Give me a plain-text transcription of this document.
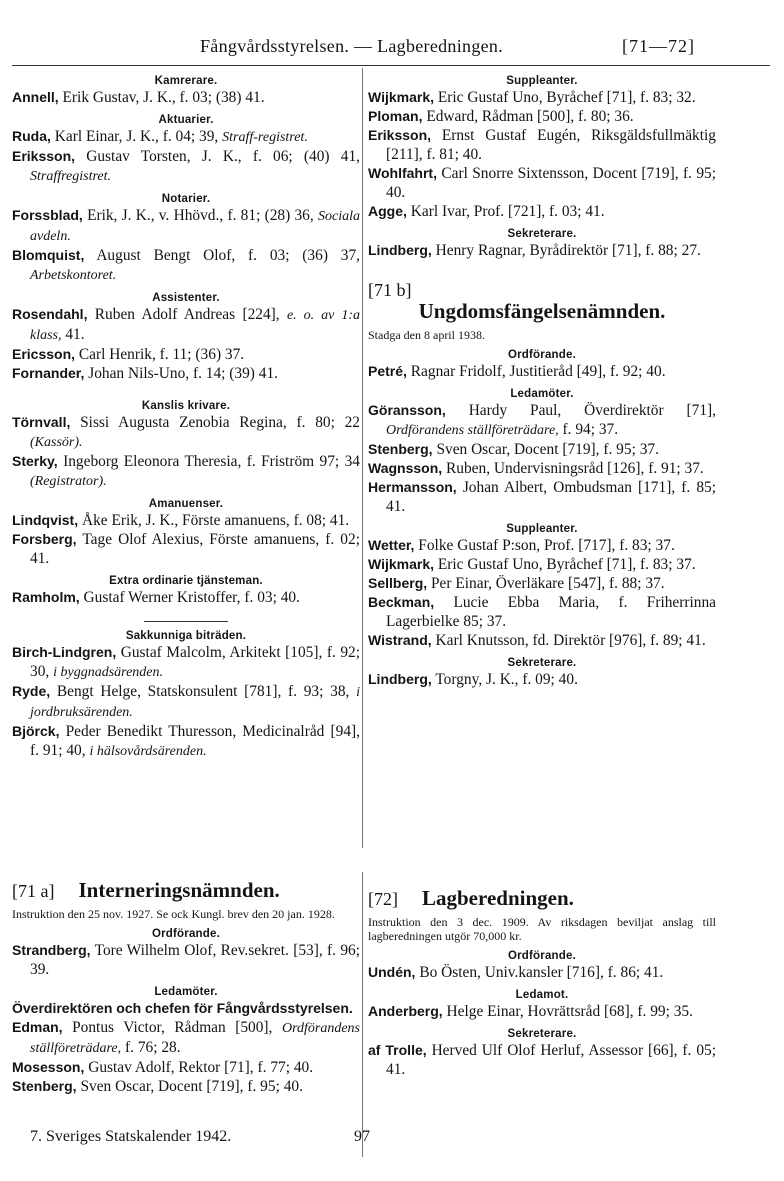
Fångvårdsstyrelsen. — Lagberedningen.	[71—72]
Kamrerare.
Annell, Erik Gustav, J. K., f. 03; (38) 41.
Aktuarier.
Ruda, Karl Einar, J. K., f. 04; 39, Straff-registret.
Eriksson, Gustav Torsten, J. K., f. 06; (40) 41, Straffregistret.
Notarier.
Forssblad, Erik, J. K., v. Hhövd., f. 81; (28) 36, Sociala avdeln.
Blomquist, August Bengt Olof, f. 03; (36) 37, Arbetskontoret.
Assistenter.
Rosendahl, Ruben Adolf Andreas [224], e. o. av 1:a klass, 41.
Ericsson, Carl Henrik, f. 11; (36) 37.
Fornander, Johan Nils-Uno, f. 14; (39) 41.
Kanslis krivare.
Törnvall, Sissi Augusta Zenobia Regina, f. 80; 22 (Kassör).
Sterky, Ingeborg Eleonora Theresia, f. Friström 97; 34 (Registrator).
Amanuenser.
Lindqvist, Åke Erik, J. K., Förste amanuens, f. 08; 41.
Forsberg, Tage Olof Alexius, Förste amanuens, f. 02; 41.
Extra ordinarie tjänsteman.
Ramholm, Gustaf Werner Kristoffer, f. 03; 40.
Sakkunniga biträden.
Birch-Lindgren, Gustaf Malcolm, Arkitekt [105], f. 92; 30, i byggnadsärenden.
Ryde, Bengt Helge, Statskonsulent [781], f. 93; 38, i jordbruksärenden.
Björck, Peder Benedikt Thuresson, Medicinalråd [94], f. 91; 40, i hälsovårdsärenden.
[71 a]  Interneringsnämnden.
Instruktion den 25 nov. 1927. Se ock Kungl. brev den 20 jan. 1928.
Ordförande.
Strandberg, Tore Wilhelm Olof, Rev.sekret. [53], f. 96; 39.
Ledamöter.
Överdirektören och chefen för Fångvårdsstyrelsen.
Edman, Pontus Victor, Rådman [500], Ordförandens ställföreträdare, f. 76; 28.
Mosesson, Gustav Adolf, Rektor [71], f. 77; 40.
Stenberg, Sven Oscar, Docent [719], f. 95; 40.
Suppleanter.
Wijkmark, Eric Gustaf Uno, Byråchef [71], f. 83; 32.
Ploman, Edward, Rådman [500], f. 80; 36.
Eriksson, Ernst Gustaf Eugén, Riksgäldsfullmäktig [211], f. 81; 40.
Wohlfahrt, Carl Snorre Sixtensson, Docent [719], f. 95; 40.
Agge, Karl Ivar, Prof. [721], f. 03; 41.
Sekreterare.
Lindberg, Henry Ragnar, Byrådirektör [71], f. 88; 27.
[71 b]
Ungdomsfängelsenämnden.
Stadga den 8 april 1938.
Ordförande.
Petré, Ragnar Fridolf, Justitieråd [49], f. 92; 40.
Ledamöter.
Göransson, Hardy Paul, Överdirektör [71], Ordförandens ställföreträdare, f. 94; 37.
Stenberg, Sven Oscar, Docent [719], f. 95; 37.
Wagnsson, Ruben, Undervisningsråd [126], f. 91; 37.
Hermansson, Johan Albert, Ombudsman [171], f. 85; 41.
Suppleanter.
Wetter, Folke Gustaf P:son, Prof. [717], f. 83; 37.
Wijkmark, Eric Gustaf Uno, Byråchef [71], f. 83; 37.
Sellberg, Per Einar, Överläkare [547], f. 88; 37.
Beckman, Lucie Ebba Maria, f. Friherrinna Lagerbielke 85; 37.
Wistrand, Karl Knutsson, fd. Direktör [976], f. 89; 41.
Sekreterare.
Lindberg, Torgny, J. K., f. 09; 40.
[72]  Lagberedningen.
Instruktion den 3 dec. 1909. Av riksdagen beviljat anslag till lagberedningen utgör 70,000 kr.
Ordförande.
Undén, Bo Östen, Univ.kansler [716], f. 86; 41.
Ledamot.
Anderberg, Helge Einar, Hovrättsråd [68], f. 99; 35.
Sekreterare.
af Trolle, Herved Ulf Olof Herluf, Assessor [66], f. 05; 41.
7. Sveriges Statskalender 1942.	97
